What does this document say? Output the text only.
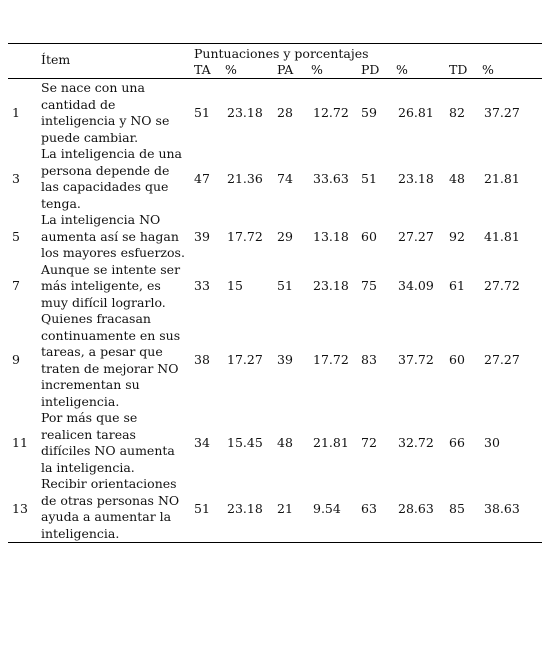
	Ítem	Puntuaciones y porcentajes							
		TA	%	PA	%	PD	%	TD	%
1	Se nace con una cantidad de inteligencia y NO se puede cambiar.	51	23.18	28	12.72	59	26.81	82	37.27
3	La inteligencia de una persona depende de las capacidades que tenga.	47	21.36	74	33.63	51	23.18	48	21.81
5	La inteligencia NO aumenta así se hagan los mayores esfuerzos.	39	17.72	29	13.18	60	27.27	92	41.81
7	Aunque se intente ser más inteligente, es muy difícil lograrlo.	33	15	51	23.18	75	34.09	61	27.72
9	Quienes fracasan continuamente en sus tareas, a pesar que traten de mejorar NO incrementan su inteligencia.	38	17.27	39	17.72	83	37.72	60	27.27
11	Por más que se realicen tareas difíciles NO aumenta la inteligencia.	34	15.45	48	21.81	72	32.72	66	30
13	Recibir orientaciones de otras personas NO ayuda a aumentar la inteligencia.	51	23.18	21	9.54	63	28.63	85	38.63
